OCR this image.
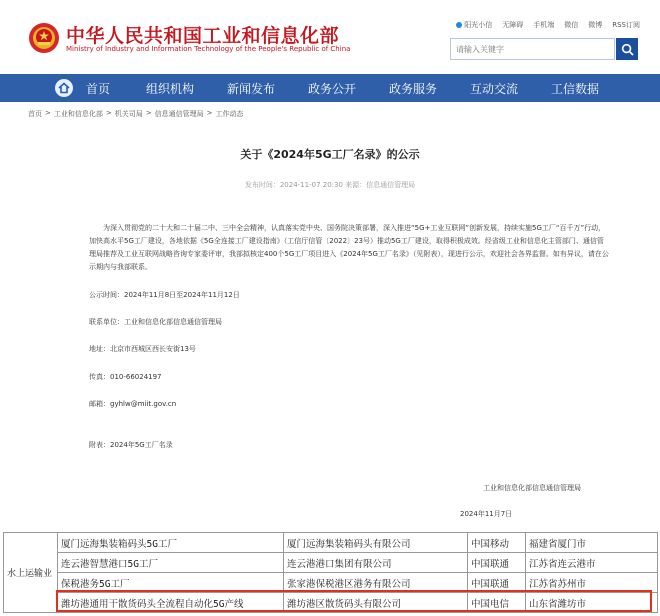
中华人民共和国工业和信息化部
Ministry of Industry and Information Technology of the People's Republic of China
阳光小信 无障碍 手机端 微信 微博 RSS订阅
请输入关键字
首页	组织机构	新闻发布	政务公开	政务服务	互动交流	工信数据
首页 > 工业和信息化部 > 机关司局 > 信息通信管理局 > 工作动态
关于《2024年5G工厂名录》的公示
发布时间：2024-11-07 20:30 来源：信息通信管理局
为深入贯彻党的二十大和二十届二中、三中全会精神，认真落实党中央、国务院决策部署，深入推进“5G+工业互联网”创新发展，持续实施5G工厂“百千万”行动，加快高水平5G工厂建设，各地依据《5G全连接工厂建设指南》（工信厅信管〔2022〕23号）推动5G工厂建设，取得积极成效。经省级工业和信息化主管部门、通信管理局推荐及工业互联网战略咨询专家委评审，我部拟核定400个5G工厂项目进入《2024年5G工厂名录》（见附表），现进行公示，欢迎社会各界监督。如有异议，请在公示期内与我部联系。
公示时间：2024年11月8日至2024年11月12日
联系单位：工业和信息化部信息通信管理局
地址：北京市西城区西长安街13号
传真：010-66024197
邮箱：gyhlw@miit.gov.cn
附表：2024年5G工厂名录
工业和信息化部信息通信管理局
2024年11月7日
水上运输业	厦门远海集装箱码头5G工厂	厦门远海集装箱码头有限公司	中国移动	福建省厦门市
	连云港智慧港口5G工厂	连云港港口集团有限公司	中国联通	江苏省连云港市
	保税港务5G工厂	张家港保税港区港务有限公司	中国联通	江苏省苏州市
	潍坊港通用干散货码头全流程自动化5G产线	潍坊港区散货码头有限公司	中国电信	山东省潍坊市
